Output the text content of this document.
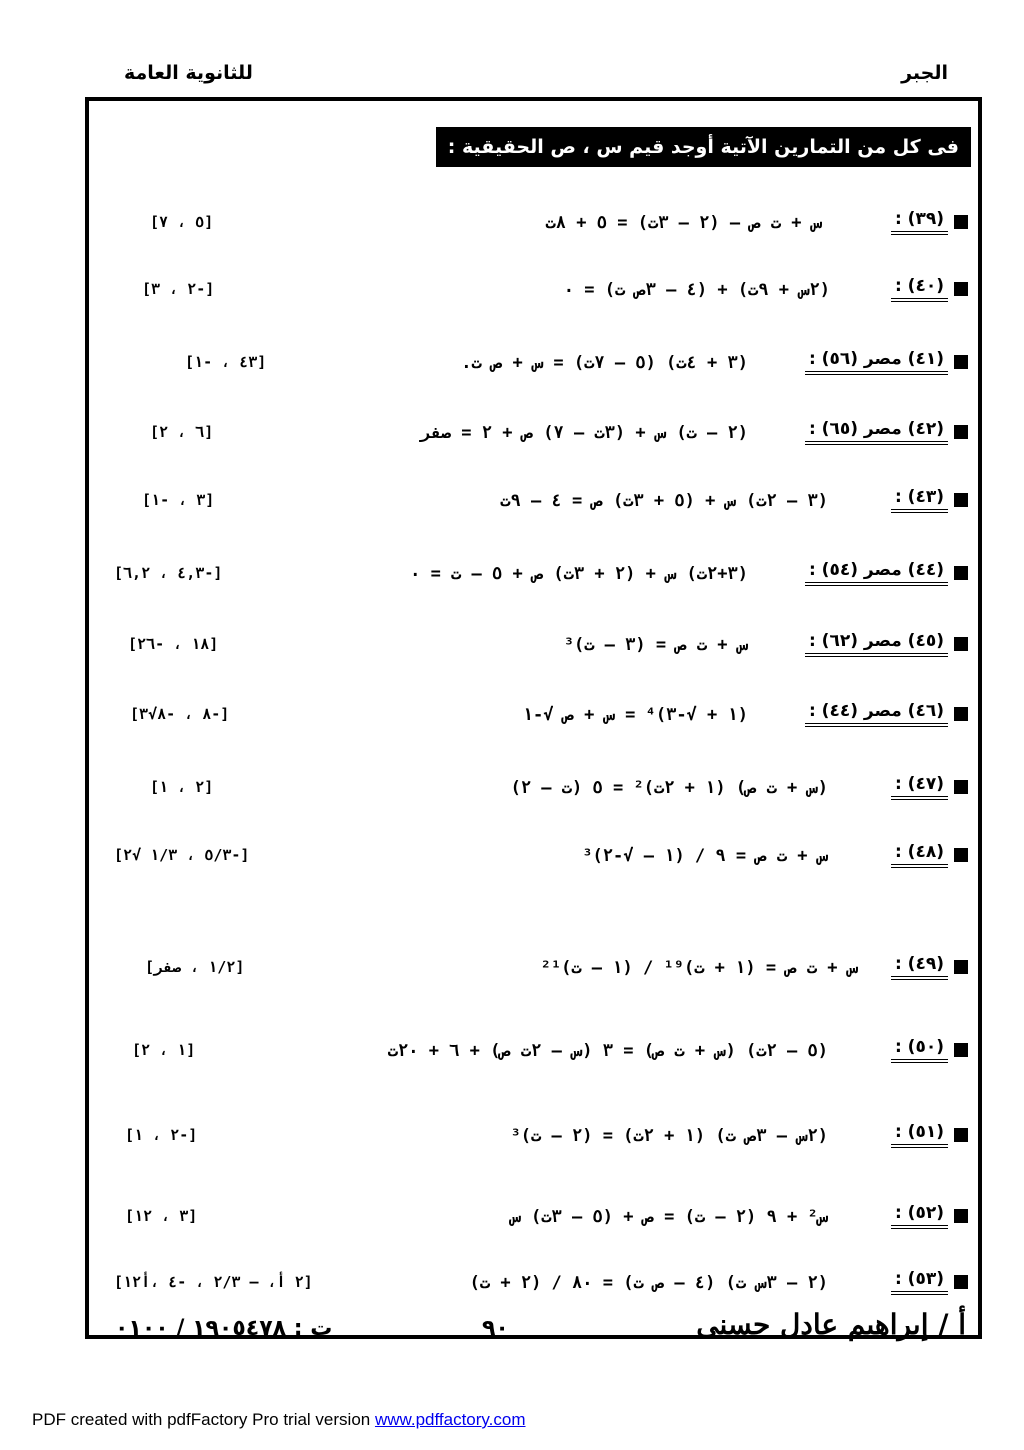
للثانوية العامة	الجبر
فى كل من التمارين الآتية أوجد قيم س ، ص الحقيقية :
(٣٩) :
س + ت ص – (٢ – ٣ت) = ٥ + ٨ت
[٥ ، ٧]
(٤٠) :
(٢س + ٩ت) + (٤ – ٣ص ت) = ٠
[-٢ ، ٣]
(٤١) مصر (٥٦) :
(٣ + ٤ت) (٥ – ٧ت) = س + ص ت.
[٤٣ ، -١]
(٤٢) مصر (٦٥) :
(٢ – ت) س + (٣ت – ٧) ص + ٢ = صفر
[٦ ، ٢]
(٤٣) :
(٣ – ٢ت) س + (٥ + ٣ت) ص = ٤ – ٩ت
[٣ ، -١]
(٤٤) مصر (٥٤) :
(٣+٢ت) س + (٢ + ٣ت) ص + ٥ – ت = ٠
[-٤,٣ ، ٦,٢]
(٤٥) مصر (٦٢) :
س + ت ص = (٣ – ت)³
[١٨ ، -٢٦]
(٤٦) مصر (٤٤) :
(١ + √-٣)⁴ = س + ص √-١
[-٨ ، -٨√٣]
(٤٧) :
(س + ت ص) (١ + ٢ت)² = ٥ (ت – ٢)
[٢ ، ١]
(٤٨) :
س + ت ص = ٩ / (١ – √-٢)³
[-٥/٣ ، ١/٣ √٢]
(٤٩) :
س + ت ص = (١ + ت)¹⁹ / (١ – ت)²¹
[١/٢ ، صفر]
(٥٠) :
(٥ – ٢ت) (س + ت ص) = ٣ (س – ٢ت ص) + ٦ + ٢٠ت
[١ ، ٢]
(٥١) :
(٢س – ٣ص ت) (١ + ٢ت) = (٢ – ت)³
[-٢ ، ١]
(٥٢) :
س² + ٩ (٢ – ت) = ص + (٥ – ٣ت) س
[٣ ، ١٢]
(٥٣) :
(٢ – ٣س ت) (٤ – ص ت) = ٨٠ / (٢ + ت)
[٢ أ، – ٢/٣ ، -٤ ،أ١٢]
ت : ١٩٠٥٤٧٨ / ٠١٠٠	٩٠	أ / إبراهيم عادل حسنى
PDF created with pdfFactory Pro trial version www.pdffactory.com
